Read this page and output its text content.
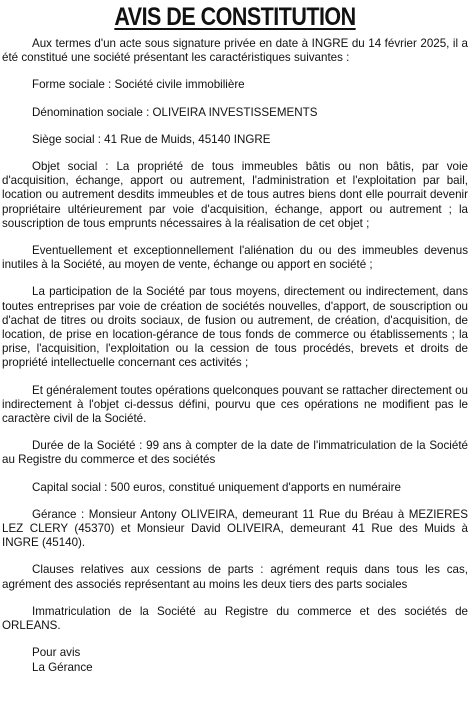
AVIS DE CONSTITUTION

Aux termes d'un acte sous signature privée en date à INGRE du 14 février 2025, il a été constitué une société présentant les caractéristiques suivantes :

Forme sociale : Société civile immobilière

Dénomination sociale : OLIVEIRA INVESTISSEMENTS

Siège social : 41 Rue de Muids, 45140 INGRE

Objet social : La propriété de tous immeubles bâtis ou non bâtis, par voie d'acquisition, échange, apport ou autrement, l'administration et l'exploitation par bail, location ou autrement desdits immeubles et de tous autres biens dont elle pourrait devenir propriétaire ultérieurement par voie d'acquisition, échange, apport ou autrement ; la souscription de tous emprunts nécessaires à la réalisation de cet objet ;

Eventuellement et exceptionnellement l'aliénation du ou des immeubles devenus inutiles à la Société, au moyen de vente, échange ou apport en société ;

La participation de la Société par tous moyens, directement ou indirectement, dans toutes entreprises par voie de création de sociétés nouvelles, d'apport, de souscription ou d'achat de titres ou droits sociaux, de fusion ou autrement, de création, d'acquisition, de location, de prise en location-gérance de tous fonds de commerce ou établissements ; la prise, l'acquisition, l'exploitation ou la cession de tous procédés, brevets et droits de propriété intellectuelle concernant ces activités ;

Et généralement toutes opérations quelconques pouvant se rattacher directement ou indirectement à l'objet ci-dessus défini, pourvu que ces opérations ne modifient pas le caractère civil de la Société.

Durée de la Société : 99 ans à compter de la date de l'immatriculation de la Société au Registre du commerce et des sociétés

Capital social : 500 euros, constitué uniquement d'apports en numéraire

Gérance : Monsieur Antony OLIVEIRA, demeurant 11 Rue du Bréau à MEZIERES LEZ CLERY (45370) et Monsieur David OLIVEIRA, demeurant 41 Rue des Muids à INGRE (45140).

Clauses relatives aux cessions de parts : agrément requis dans tous les cas, agrément des associés représentant au moins les deux tiers des parts sociales

Immatriculation de la Société au Registre du commerce et des sociétés de ORLEANS.

Pour avis

La Gérance
